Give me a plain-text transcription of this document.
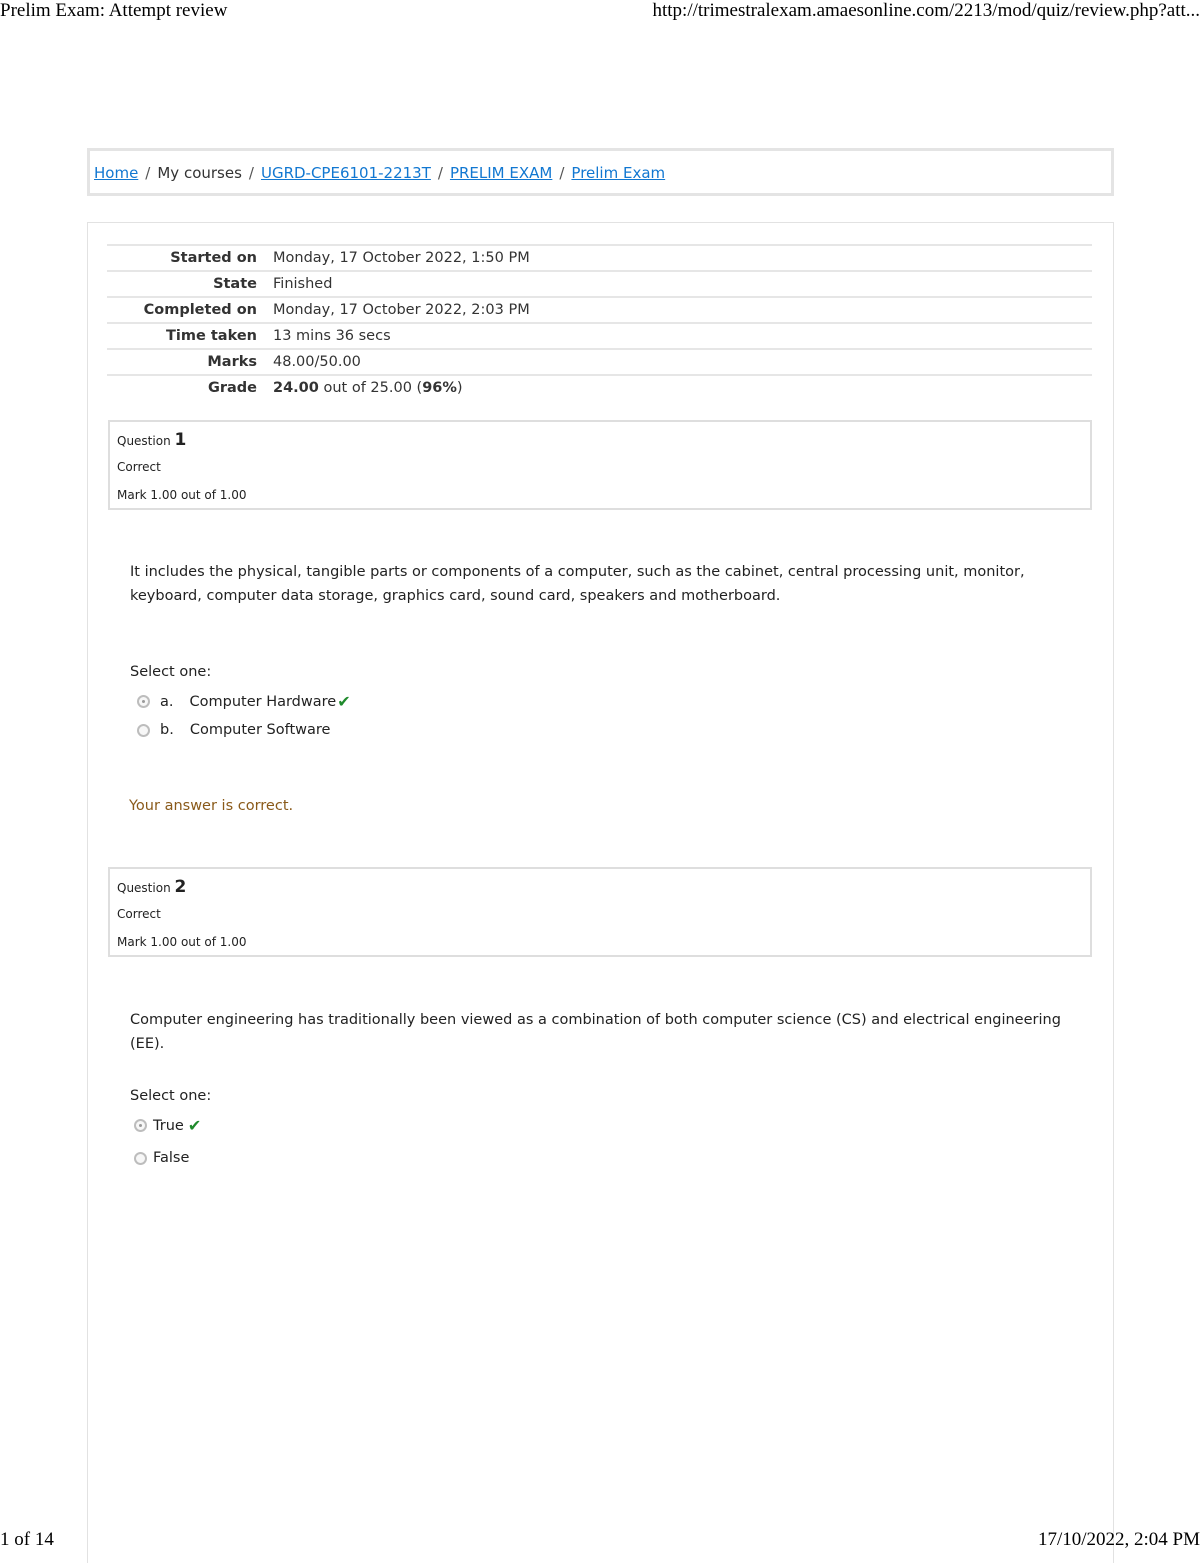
Prelim Exam: Attempt review	http://trimestralexam.amaesonline.com/2213/mod/quiz/review.php?att...
Home / My courses / UGRD-CPE6101-2213T / PRELIM EXAM / Prelim Exam
Started on	Monday, 17 October 2022, 1:50 PM
State	Finished
Completed on	Monday, 17 October 2022, 2:03 PM
Time taken	13 mins 36 secs
Marks	48.00/50.00
Grade	24.00 out of 25.00 (96%)
Question 1
Correct
Mark 1.00 out of 1.00
It includes the physical, tangible parts or components of a computer, such as the cabinet, central processing unit, monitor, keyboard, computer data storage, graphics card, sound card, speakers and motherboard.
Select one:
a. Computer Hardware ✔
b. Computer Software
Your answer is correct.
Question 2
Correct
Mark 1.00 out of 1.00
Computer engineering has traditionally been viewed as a combination of both computer science (CS) and electrical engineering (EE).
Select one:
True ✔
False
1 of 14	17/10/2022, 2:04 PM
